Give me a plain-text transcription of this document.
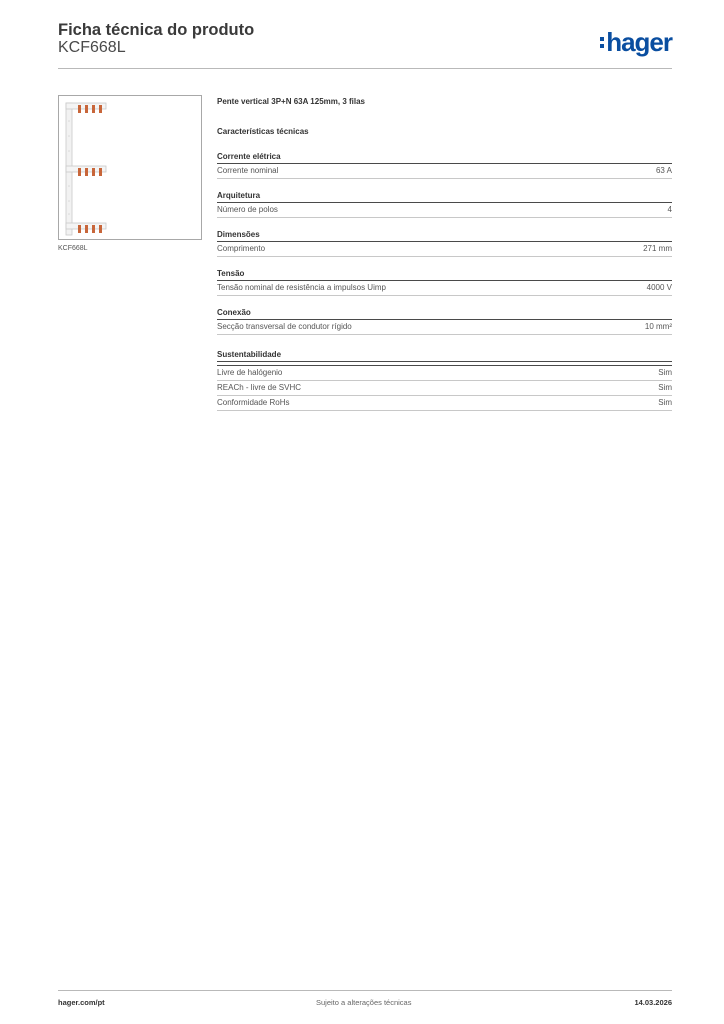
Ficha técnica do produto
KCF668L	hager
KCF668L
Pente vertical 3P+N 63A 125mm, 3 filas
Características técnicas
Corrente elétrica
Corrente nominal	63 A
Arquitetura
Número de polos	4
Dimensões
Comprimento	271 mm
Tensão
Tensão nominal de resistência a impulsos Uimp	4000 V
Conexão
Secção transversal de condutor rígido	10 mm²
Sustentabilidade
Livre de halógenio	Sim
REACh - livre de SVHC	Sim
Conformidade RoHs	Sim
hager.com/pt	Sujeito a alterações técnicas	14.03.2026
